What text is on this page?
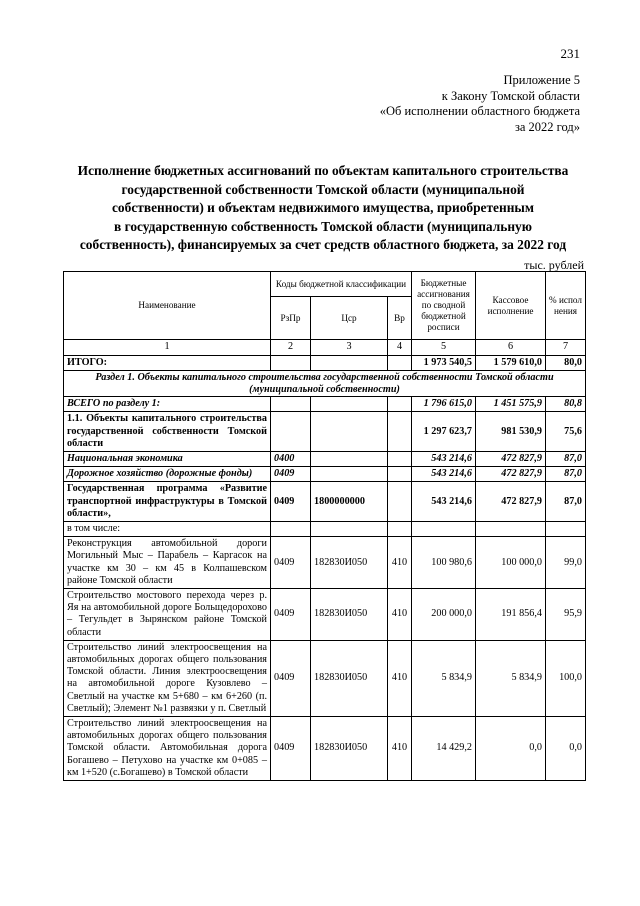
231
Приложение 5
к Закону Томской области
«Об исполнении областного бюджета
за 2022 год»
Исполнение бюджетных ассигнований по объектам капитального строительства
государственной собственности Томской области (муниципальной
собственности) и объектам недвижимого имущества, приобретенным
в государственную собственность Томской области (муниципальную
собственность), финансируемых за счет средств областного бюджета, за 2022 год
тыс. рублей
Наименование	Коды бюджетной классификации			Бюджетные ассигнования по сводной бюджетной росписи	Кассовое исполнение	% испол нения
	РзПр	Цср	Вр			
1	2	3	4	5	6	7
ИТОГО:				1 973 540,5	1 579 610,0	80,0
Раздел 1. Объекты капитального строительства государственной собственности Томской области (муниципальной собственности)						
ВСЕГО по разделу 1:				1 796 615,0	1 451 575,9	80,8
1.1. Объекты капитального строительства государственной собственности Томской области				1 297 623,7	981 530,9	75,6
Национальная экономика	0400			543 214,6	472 827,9	87,0
Дорожное хозяйство (дорожные фонды)	0409			543 214,6	472 827,9	87,0
Государственная программа «Развитие транспортной инфраструктуры в Томской области»,	0409	1800000000		543 214,6	472 827,9	87,0
в том числе:						
Реконструкция автомобильной дороги Могильный Мыс – Парабель – Каргасок на участке км 30 – км 45 в Колпашевском районе Томской области	0409	182830И050	410	100 980,6	100 000,0	99,0
Строительство мостового перехода через р. Яя на автомобильной дороге Больщедорохово – Тегульдет в Зырянском районе Томской области	0409	182830И050	410	200 000,0	191 856,4	95,9
Строительство линий электроосвещения на автомобильных дорогах общего пользования Томской области. Линия электроосвещения на автомобильной дороге Кузовлево – Светлый на участке км 5+680 – км 6+260 (п. Светлый); Элемент №1 развязки у п. Светлый	0409	182830И050	410	5 834,9	5 834,9	100,0
Строительство линий электроосвещения на автомобильных дорогах общего пользования Томской области. Автомобильная дорога Богашево – Петухово на участке км 0+085 – км 1+520 (с.Богашево) в Томской области	0409	182830И050	410	14 429,2	0,0	0,0
